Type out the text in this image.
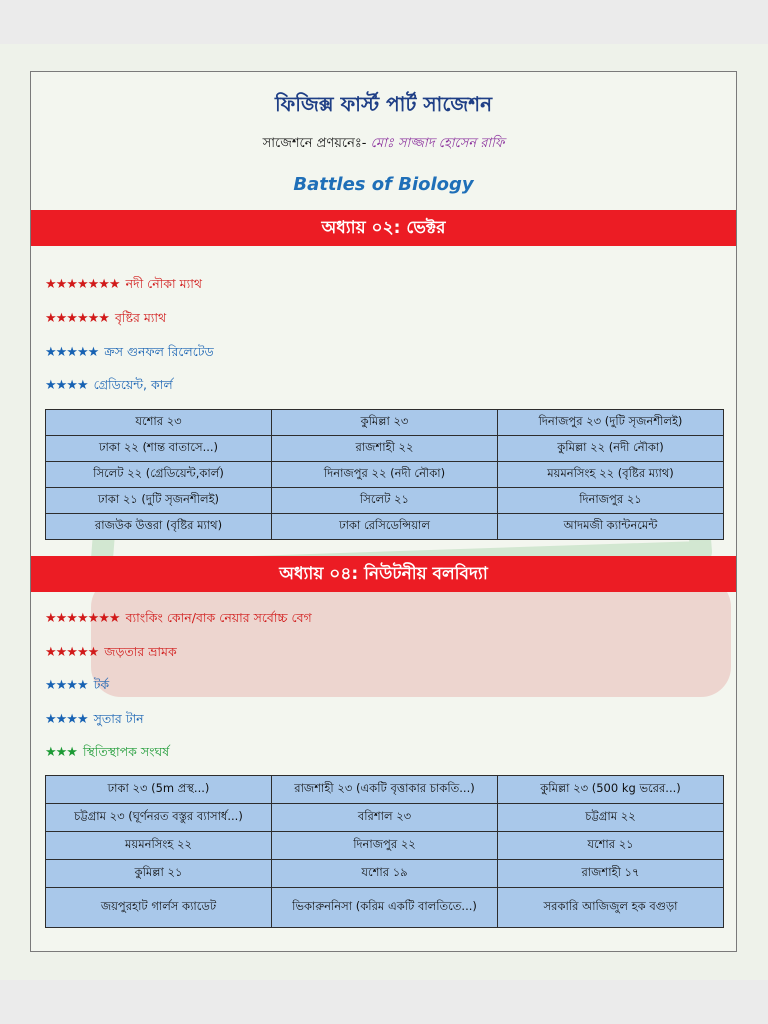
ফিজিক্স ফার্স্ট পার্ট সাজেশন
সাজেশনে প্রণয়নেঃ- মোঃ সাজ্জাদ হোসেন রাফি
Battles of Biology
অধ্যায় ০২: ভেক্টর
★★★★★★★ নদী নৌকা ম্যাথ
★★★★★★ বৃষ্টির ম্যাথ
★★★★★ ক্রস গুনফল রিলেটেড
★★★★ গ্রেডিয়েন্ট, কার্ল
যশোর ২৩	কুমিল্লা ২৩	দিনাজপুর ২৩ (দুটি সৃজনশীলই)
ঢাকা ২২ (শান্ত বাতাসে...)	রাজশাহী ২২	কুমিল্লা ২২ (নদী নৌকা)
সিলেট ২২ (গ্রেডিয়েন্ট,কার্ল)	দিনাজপুর ২২ (নদী নৌকা)	ময়মনসিংহ ২২ (বৃষ্টির ম্যাথ)
ঢাকা ২১ (দুটি সৃজনশীলই)	সিলেট ২১	দিনাজপুর ২১
রাজউক উত্তরা (বৃষ্টির ম্যাথ)	ঢাকা রেসিডেন্সিয়াল	আদমজী ক্যান্টনমেন্ট
অধ্যায় ০৪: নিউটনীয় বলবিদ্যা
★★★★★★★ ব্যাংকিং কোন/বাক নেয়ার সর্বোচ্চ বেগ
★★★★★ জড়তার ভ্রামক
★★★★ টর্ক
★★★★ সুতার টান
★★★ স্থিতিস্থাপক সংঘর্ষ
ঢাকা ২৩ (5m প্রস্থ...)	রাজশাহী ২৩ (একটি বৃত্তাকার চাকতি...)	কুমিল্লা ২৩ (500 kg ভরের...)
চট্টগ্রাম ২৩ (ঘূর্ণনরত বস্তুর ব্যাসার্ধ...)	বরিশাল ২৩	চট্টগ্রাম ২২
ময়মনসিংহ ২২	দিনাজপুর ২২	যশোর ২১
কুমিল্লা ২১	যশোর ১৯	রাজশাহী ১৭
জয়পুরহাট গার্লস ক্যাডেট	ভিকারুননিসা (করিম একটি বালতিতে...)	সরকারি আজিজুল হক বগুড়া
